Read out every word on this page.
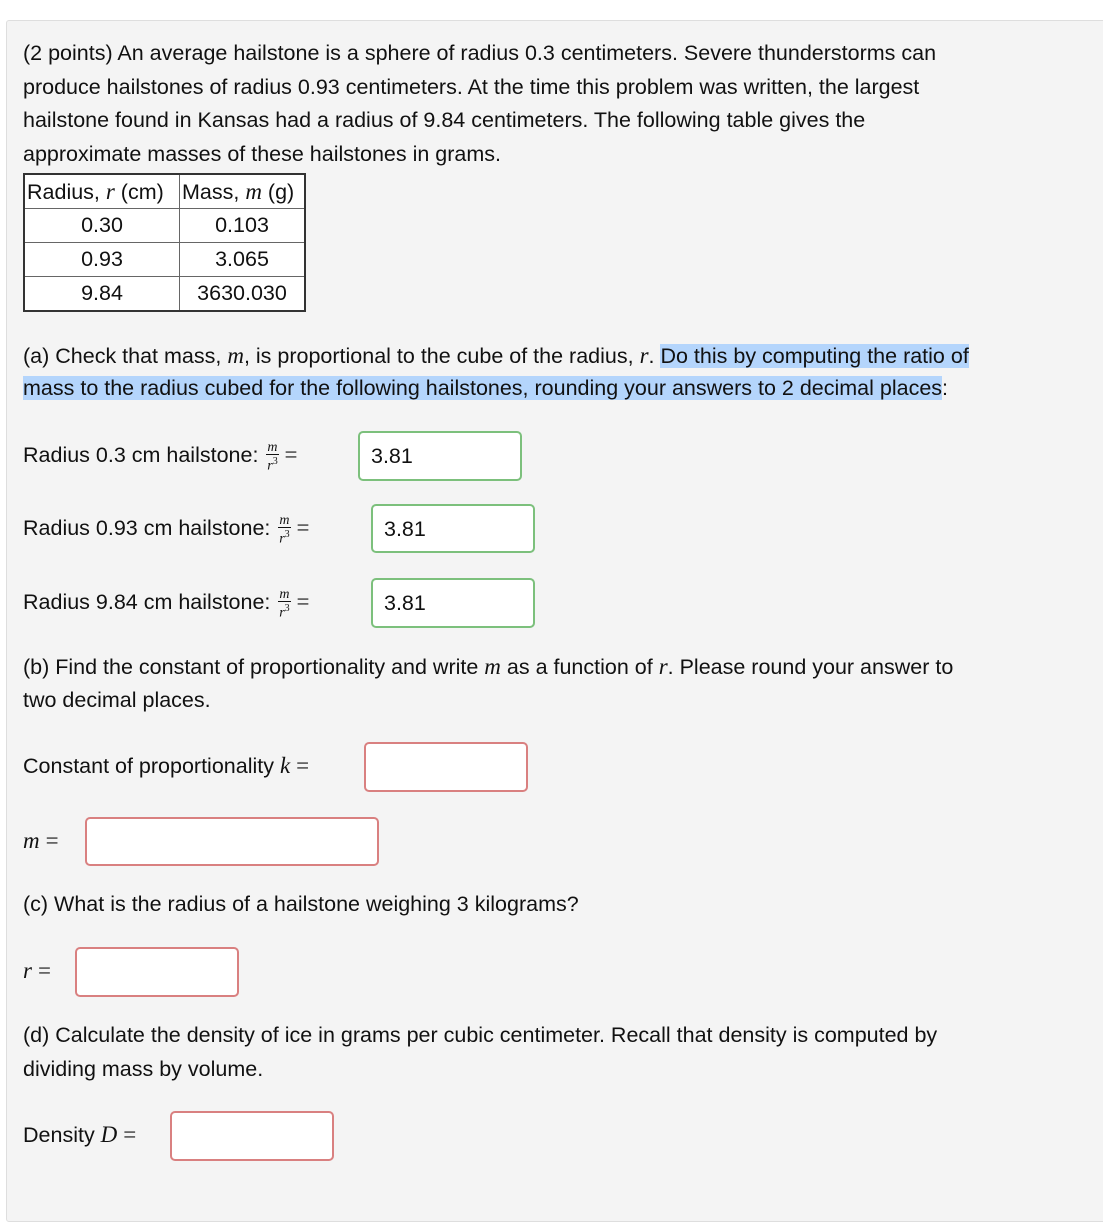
(2 points) An average hailstone is a sphere of radius 0.3 centimeters. Severe thunderstorms can
produce hailstones of radius 0.93 centimeters. At the time this problem was written, the largest
hailstone found in Kansas had a radius of 9.84 centimeters. The following table gives the
approximate masses of these hailstones in grams.
Radius, r (cm)	Mass, m (g)
0.30	0.103
0.93	3.065
9.84	3630.030
(a) Check that mass, m, is proportional to the cube of the radius, r. Do this by computing the ratio of
mass to the radius cubed for the following hailstones, rounding your answers to 2 decimal places:
Radius 0.3 cm hailstone: $\frac{m}{r^3}$ =	3.81
Radius 0.93 cm hailstone: $\frac{m}{r^3}$ =	3.81
Radius 9.84 cm hailstone: $\frac{m}{r^3}$ =	3.81
(b) Find the constant of proportionality and write m as a function of r. Please round your answer to
two decimal places.
Constant of proportionality k =
m =
(c) What is the radius of a hailstone weighing 3 kilograms?
r =
(d) Calculate the density of ice in grams per cubic centimeter. Recall that density is computed by
dividing mass by volume.
Density D =
